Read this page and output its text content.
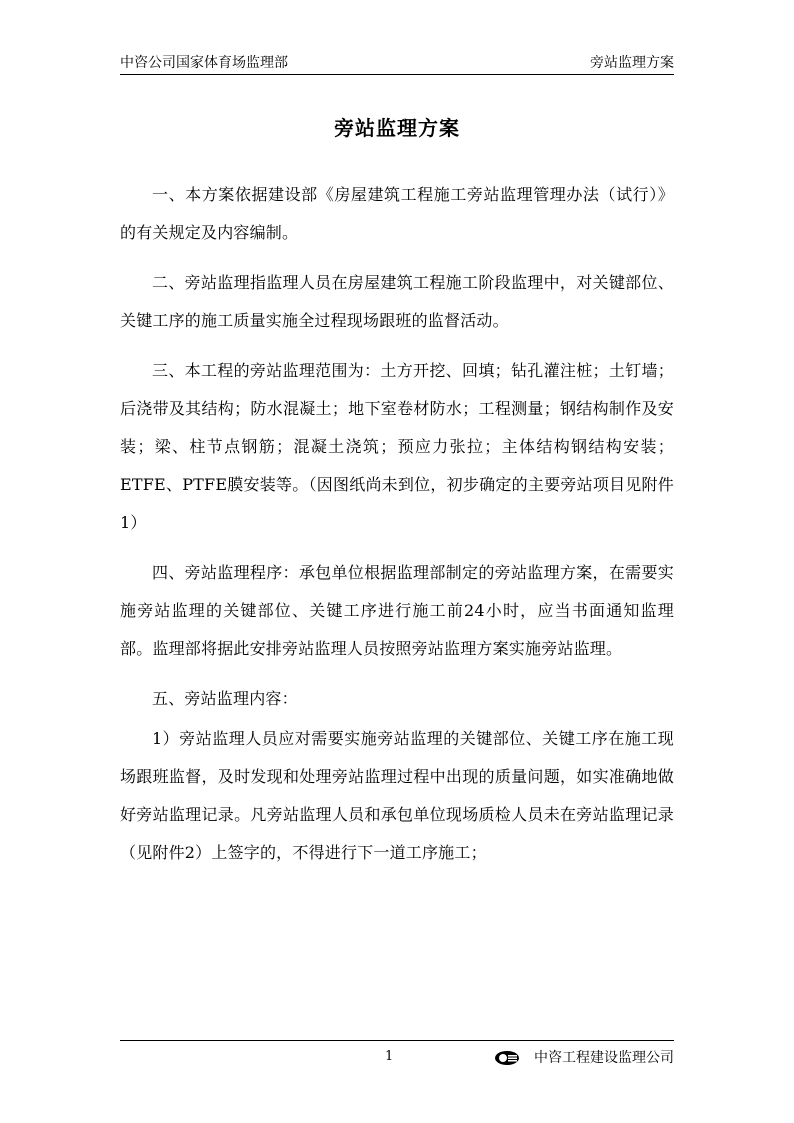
中咨公司国家体育场监理部	旁站监理方案
旁站监理方案

一、本方案依据建设部《房屋建筑工程施工旁站监理管理办法（试行）》的有关规定及内容编制。

二、旁站监理指监理人员在房屋建筑工程施工阶段监理中，对关键部位、关键工序的施工质量实施全过程现场跟班的监督活动。

三、本工程的旁站监理范围为：土方开挖、回填；钻孔灌注桩；土钉墙；后浇带及其结构；防水混凝土；地下室卷材防水；工程测量；钢结构制作及安装；梁、柱节点钢筋；混凝土浇筑；预应力张拉；主体结构钢结构安装；ETFE、PTFE膜安装等。（因图纸尚未到位，初步确定的主要旁站项目见附件1）

四、旁站监理程序：承包单位根据监理部制定的旁站监理方案，在需要实施旁站监理的关键部位、关键工序进行施工前24小时，应当书面通知监理部。监理部将据此安排旁站监理人员按照旁站监理方案实施旁站监理。

五、旁站监理内容：

1）旁站监理人员应对需要实施旁站监理的关键部位、关键工序在施工现场跟班监督，及时发现和处理旁站监理过程中出现的质量问题，如实准确地做好旁站监理记录。凡旁站监理人员和承包单位现场质检人员未在旁站监理记录（见附件2）上签字的，不得进行下一道工序施工；

1	中咨工程建设监理公司
